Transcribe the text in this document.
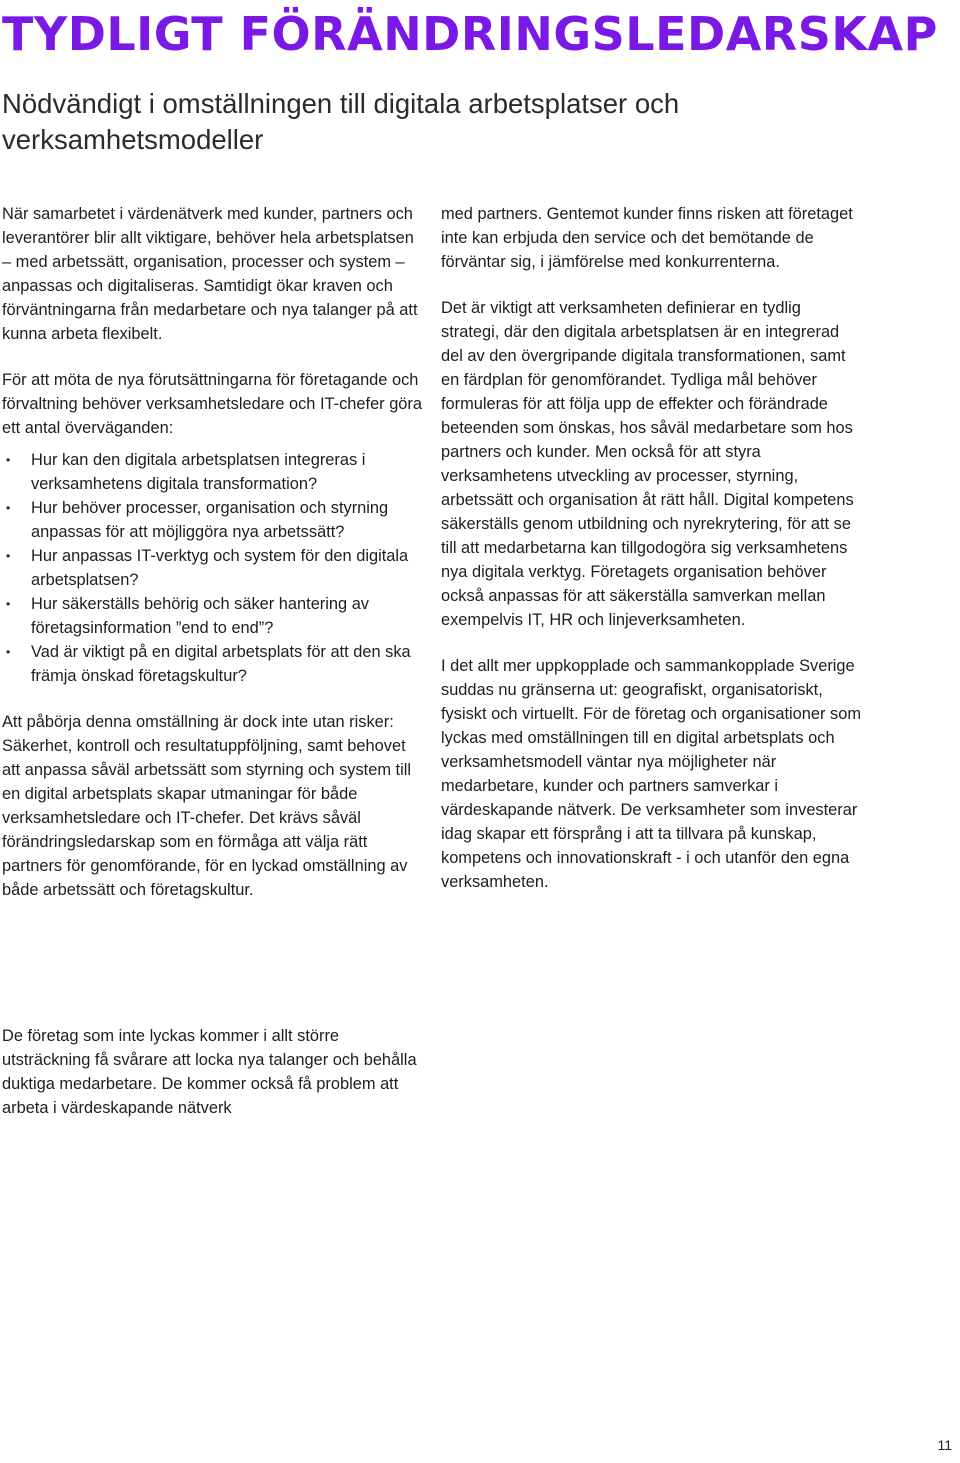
TYDLIGT FÖRÄNDRINGSLEDARSKAP
Nödvändigt i omställningen till digitala arbetsplatser och verksamhetsmodeller

När samarbetet i värdenätverk med kunder, partners och leverantörer blir allt viktigare, behöver hela arbetsplatsen – med arbetssätt, organisation, processer och system – anpassas och digitaliseras. Samtidigt ökar kraven och förväntningarna från medarbetare och nya talanger på att kunna arbeta flexibelt.

För att möta de nya förutsättningarna för företagande och förvaltning behöver verksamhetsledare och IT-chefer göra ett antal överväganden:

• Hur kan den digitala arbetsplatsen integreras i verksamhetens digitala transformation?
• Hur behöver processer, organisation och styrning anpassas för att möjliggöra nya arbetssätt?
• Hur anpassas IT-verktyg och system för den digitala arbetsplatsen?
• Hur säkerställs behörig och säker hantering av företagsinformation ”end to end”?
• Vad är viktigt på en digital arbetsplats för att den ska främja önskad företagskultur?

Att påbörja denna omställning är dock inte utan risker: Säkerhet, kontroll och resultatuppföljning, samt behovet att anpassa såväl arbetssätt som styrning och system till en digital arbetsplats skapar utmaningar för både verksamhetsledare och IT-chefer. Det krävs såväl förändringsledarskap som en förmåga att välja rätt partners för genomförande, för en lyckad omställning av både arbetssätt och företagskultur.

De företag som inte lyckas kommer i allt större utsträckning få svårare att locka nya talanger och behålla duktiga medarbetare. De kommer också få problem att arbeta i värdeskapande nätverk

med partners. Gentemot kunder finns risken att företaget inte kan erbjuda den service och det bemötande de förväntar sig, i jämförelse med konkurrenterna.

Det är viktigt att verksamheten definierar en tydlig strategi, där den digitala arbetsplatsen är en integrerad del av den övergripande digitala transformationen, samt en färdplan för genomförandet. Tydliga mål behöver formuleras för att följa upp de effekter och förändrade beteenden som önskas, hos såväl medarbetare som hos partners och kunder. Men också för att styra verksamhetens utveckling av processer, styrning, arbetssätt och organisation åt rätt håll. Digital kompetens säkerställs genom utbildning och nyrekrytering, för att se till att medarbetarna kan tillgodogöra sig verksamhetens nya digitala verktyg. Företagets organisation behöver också anpassas för att säkerställa samverkan mellan exempelvis IT, HR och linjeverksamheten.

I det allt mer uppkopplade och sammankopplade Sverige suddas nu gränserna ut: geografiskt, organisatoriskt, fysiskt och virtuellt. För de företag och organisationer som lyckas med omställningen till en digital arbetsplats och verksamhetsmodell väntar nya möjligheter när medarbetare, kunder och partners samverkar i värdeskapande nätverk. De verksamheter som investerar idag skapar ett försprång i att ta tillvara på kunskap, kompetens och innovationskraft - i och utanför den egna verksamheten.

11
